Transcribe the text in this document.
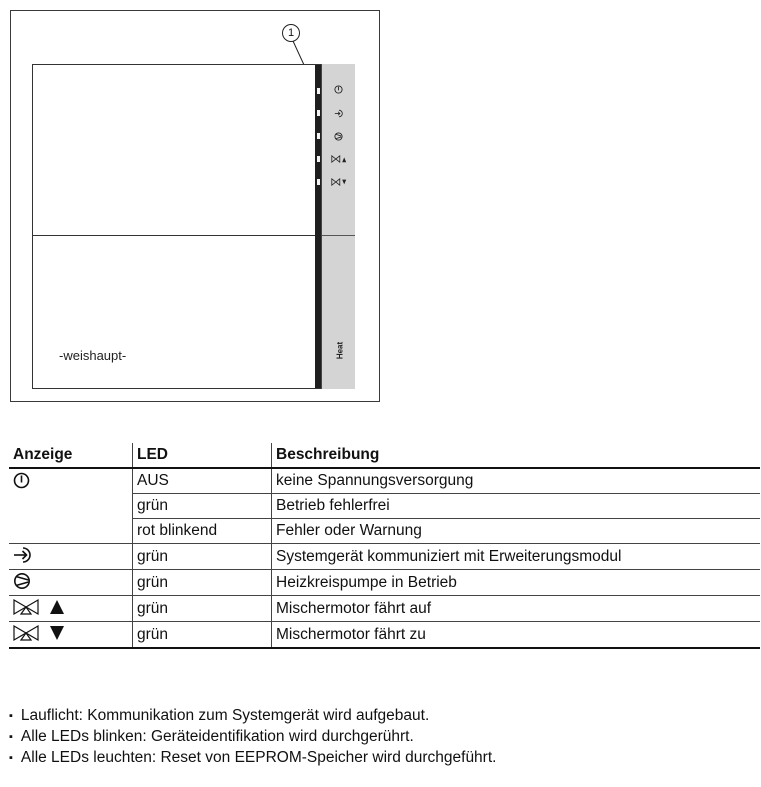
1
Heat
-weishaupt-
Anzeige	LED	Beschreibung

	AUS	keine Spannungsversorgung
	grün	Betrieb fehlerfrei
	rot blinkend	Fehler oder Warnung

	grün	Systemgerät kommuniziert mit Erweiterungsmodul

	grün	Heizkreispumpe in Betrieb

	grün	Mischermotor fährt auf

	grün	Mischermotor fährt zu
▪ Lauflicht: Kommunikation zum Systemgerät wird aufgebaut.
▪ Alle LEDs blinken: Geräteidentifikation wird durchgerührt.
▪ Alle LEDs leuchten: Reset von EEPROM-Speicher wird durchgeführt.
